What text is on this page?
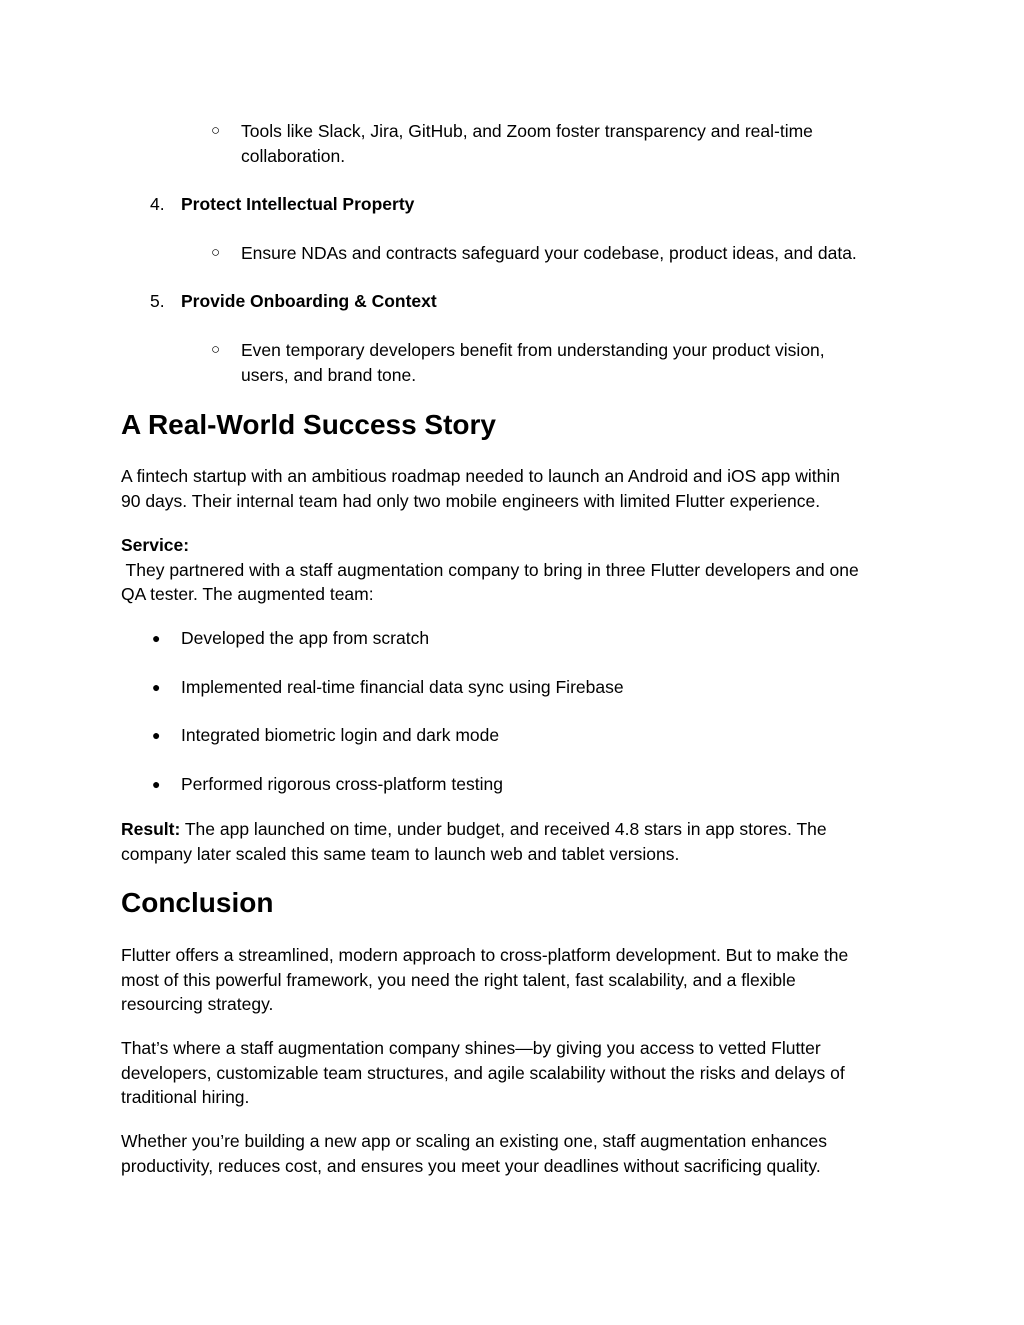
○ Tools like Slack, Jira, GitHub, and Zoom foster transparency and real-time
collaboration.
4. Protect Intellectual Property
○ Ensure NDAs and contracts safeguard your codebase, product ideas, and data.
5. Provide Onboarding & Context
○ Even temporary developers benefit from understanding your product vision,
users, and brand tone.
A Real-World Success Story
A fintech startup with an ambitious roadmap needed to launch an Android and iOS app within
90 days. Their internal team had only two mobile engineers with limited Flutter experience.
Service:
They partnered with a staff augmentation company to bring in three Flutter developers and one
QA tester. The augmented team:
● Developed the app from scratch
● Implemented real-time financial data sync using Firebase
● Integrated biometric login and dark mode
● Performed rigorous cross-platform testing
Result: The app launched on time, under budget, and received 4.8 stars in app stores. The
company later scaled this same team to launch web and tablet versions.
Conclusion
Flutter offers a streamlined, modern approach to cross-platform development. But to make the
most of this powerful framework, you need the right talent, fast scalability, and a flexible
resourcing strategy.
That’s where a staff augmentation company shines—by giving you access to vetted Flutter
developers, customizable team structures, and agile scalability without the risks and delays of
traditional hiring.
Whether you’re building a new app or scaling an existing one, staff augmentation enhances
productivity, reduces cost, and ensures you meet your deadlines without sacrificing quality.
